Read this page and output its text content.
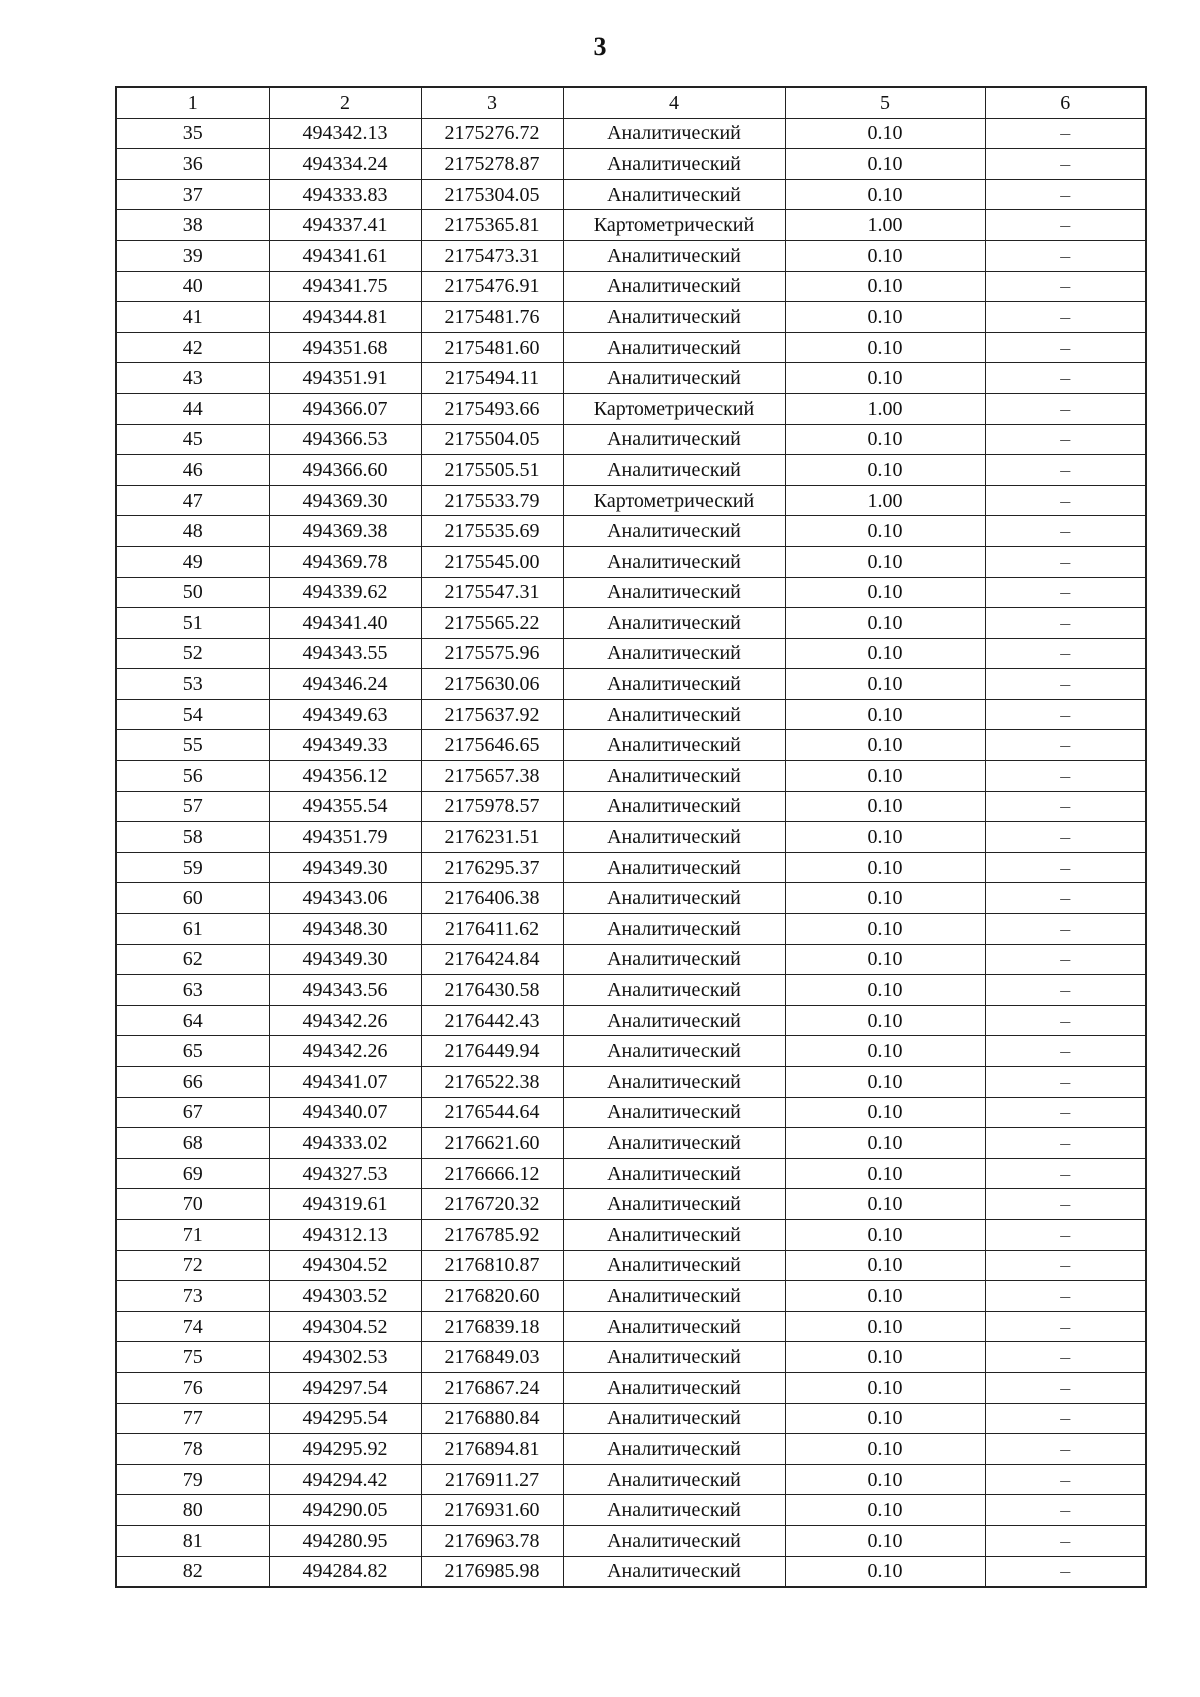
3
1	2	3	4	5	6
35	494342.13	2175276.72	Аналитический	0.10	–
36	494334.24	2175278.87	Аналитический	0.10	–
37	494333.83	2175304.05	Аналитический	0.10	–
38	494337.41	2175365.81	Картометрический	1.00	–
39	494341.61	2175473.31	Аналитический	0.10	–
40	494341.75	2175476.91	Аналитический	0.10	–
41	494344.81	2175481.76	Аналитический	0.10	–
42	494351.68	2175481.60	Аналитический	0.10	–
43	494351.91	2175494.11	Аналитический	0.10	–
44	494366.07	2175493.66	Картометрический	1.00	–
45	494366.53	2175504.05	Аналитический	0.10	–
46	494366.60	2175505.51	Аналитический	0.10	–
47	494369.30	2175533.79	Картометрический	1.00	–
48	494369.38	2175535.69	Аналитический	0.10	–
49	494369.78	2175545.00	Аналитический	0.10	–
50	494339.62	2175547.31	Аналитический	0.10	–
51	494341.40	2175565.22	Аналитический	0.10	–
52	494343.55	2175575.96	Аналитический	0.10	–
53	494346.24	2175630.06	Аналитический	0.10	–
54	494349.63	2175637.92	Аналитический	0.10	–
55	494349.33	2175646.65	Аналитический	0.10	–
56	494356.12	2175657.38	Аналитический	0.10	–
57	494355.54	2175978.57	Аналитический	0.10	–
58	494351.79	2176231.51	Аналитический	0.10	–
59	494349.30	2176295.37	Аналитический	0.10	–
60	494343.06	2176406.38	Аналитический	0.10	–
61	494348.30	2176411.62	Аналитический	0.10	–
62	494349.30	2176424.84	Аналитический	0.10	–
63	494343.56	2176430.58	Аналитический	0.10	–
64	494342.26	2176442.43	Аналитический	0.10	–
65	494342.26	2176449.94	Аналитический	0.10	–
66	494341.07	2176522.38	Аналитический	0.10	–
67	494340.07	2176544.64	Аналитический	0.10	–
68	494333.02	2176621.60	Аналитический	0.10	–
69	494327.53	2176666.12	Аналитический	0.10	–
70	494319.61	2176720.32	Аналитический	0.10	–
71	494312.13	2176785.92	Аналитический	0.10	–
72	494304.52	2176810.87	Аналитический	0.10	–
73	494303.52	2176820.60	Аналитический	0.10	–
74	494304.52	2176839.18	Аналитический	0.10	–
75	494302.53	2176849.03	Аналитический	0.10	–
76	494297.54	2176867.24	Аналитический	0.10	–
77	494295.54	2176880.84	Аналитический	0.10	–
78	494295.92	2176894.81	Аналитический	0.10	–
79	494294.42	2176911.27	Аналитический	0.10	–
80	494290.05	2176931.60	Аналитический	0.10	–
81	494280.95	2176963.78	Аналитический	0.10	–
82	494284.82	2176985.98	Аналитический	0.10	–
